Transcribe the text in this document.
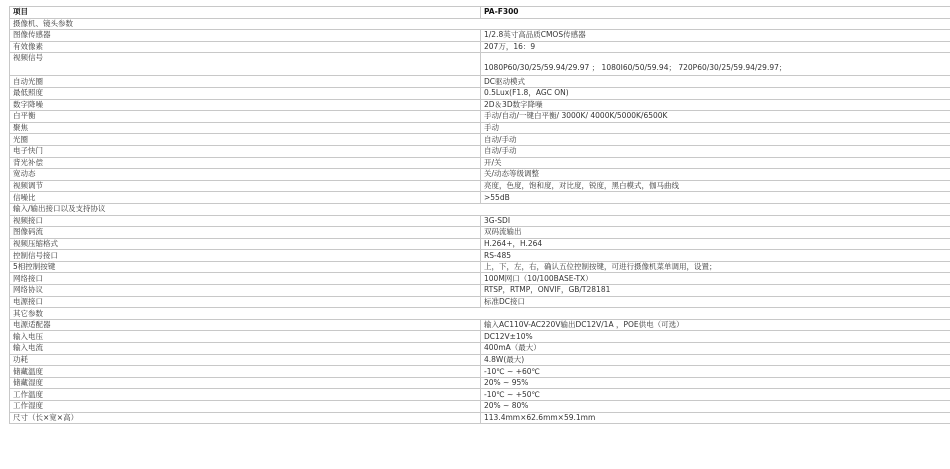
项目	PA-F300
摄像机、镜头参数	
图像传感器	1/2.8英寸高品质CMOS传感器
有效像素	207万，16：9
视频信号	1080P60/30/25/59.94/29.97 ； 1080I60/50/59.94； 720P60/30/25/59.94/29.97；
自动光圈	DC驱动模式
最低照度	0.5Lux(F1.8，AGC ON)
数字降噪	2D＆3D数字降噪
白平衡	手动/自动/一键白平衡/ 3000K/ 4000K/5000K/6500K
聚焦	手动
光圈	自动/手动
电子快门	自动/手动
背光补偿	开/关
宽动态	关/动态等级调整
视频调节	亮度，色度，饱和度，对比度，锐度，黑白模式，伽马曲线
信噪比	>55dB
输入/输出接口以及支持协议	
视频接口	3G-SDI
图像码流	双码流输出
视频压缩格式	H.264+，H.264
控制信号接口	RS-485
5相控制按键	上，下，左，右，确认五位控制按键，可进行摄像机菜单调用，设置；
网络接口	100M网口（10/100BASE-TX）
网络协议	RTSP，RTMP，ONVIF，GB/T28181
电源接口	标准DC接口
其它参数	
电源适配器	输入AC110V-AC220V输出DC12V/1A ，POE供电（可选）
输入电压	DC12V±10%
输入电流	400mA（最大）
功耗	4.8W(最大)
储藏温度	-10℃ ~ +60℃
储藏湿度	20% ~ 95%
工作温度	-10℃ ~ +50℃
工作湿度	20% ~ 80%
尺寸（长×宽×高）	113.4mm×62.6mm×59.1mm
